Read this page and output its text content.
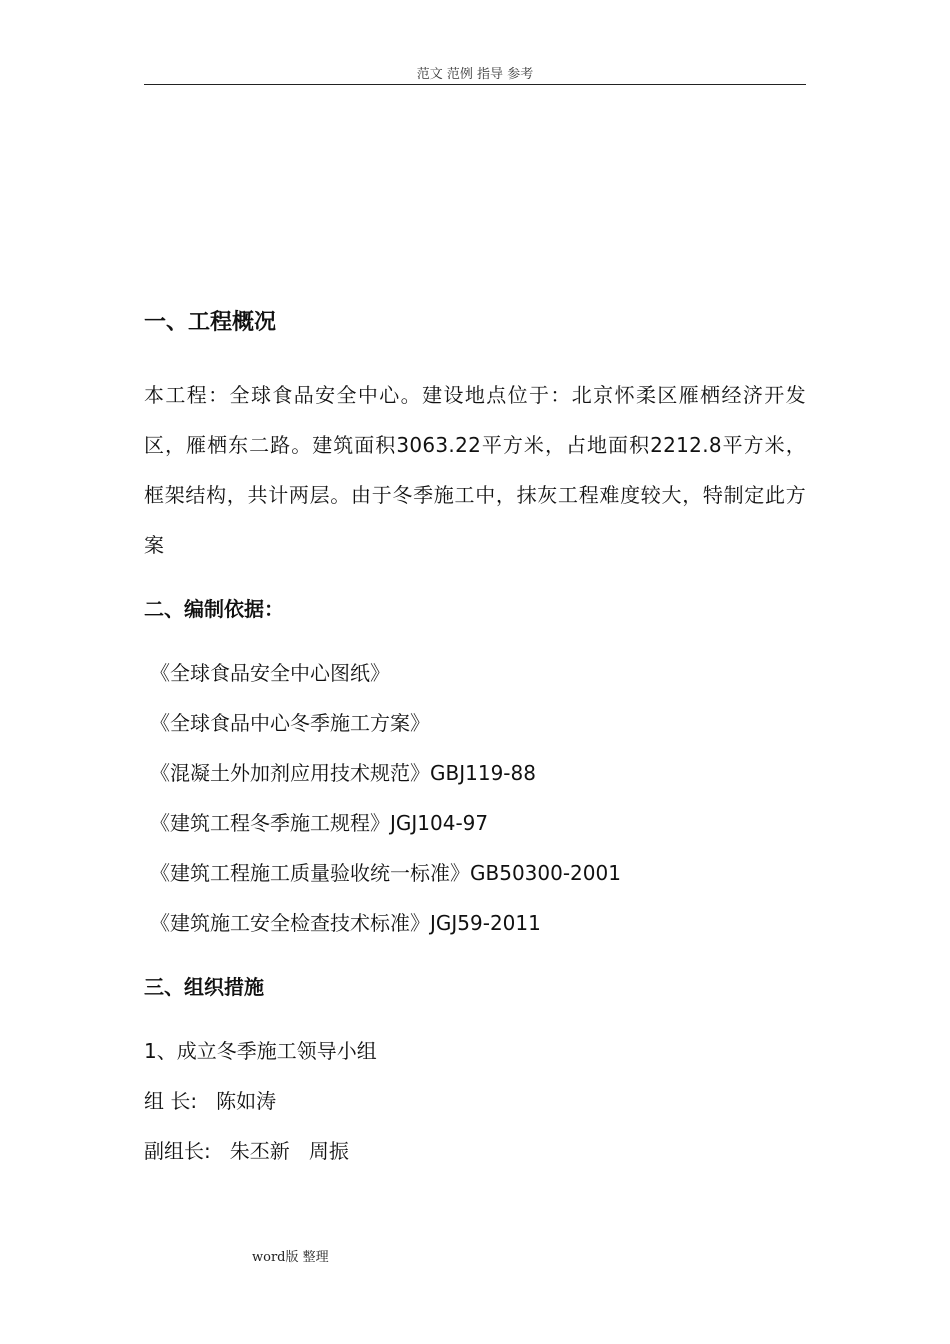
范文 范例 指导 参考
一、工程概况

本工程：全球食品安全中心。建设地点位于：北京怀柔区雁栖经济开发区，雁栖东二路。建筑面积3063.22平方米，占地面积2212.8平方米，框架结构，共计两层。由于冬季施工中，抹灰工程难度较大，特制定此方案

二、编制依据：
《全球食品安全中心图纸》
《全球食品中心冬季施工方案》
《混凝土外加剂应用技术规范》GBJ119-88
《建筑工程冬季施工规程》JGJ104-97
《建筑工程施工质量验收统一标准》GB50300-2001
《建筑施工安全检查技术标准》JGJ59-2011
三、组织措施

1、成立冬季施工领导小组

组 长:   陈如涛

副组长:   朱丕新   周振

word版 整理
